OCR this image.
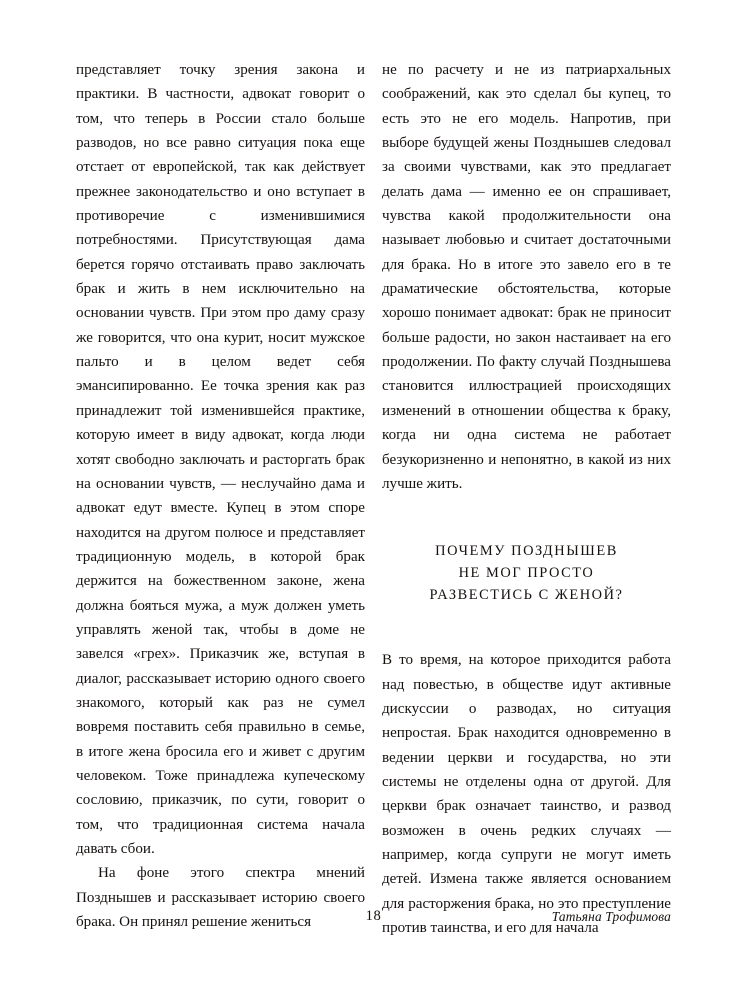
представляет точку зрения закона и практики. В частности, адвокат говорит о том, что теперь в России стало больше разводов, но все равно ситуация пока еще отстает от европейской, так как действует прежнее законодательство и оно вступает в противоречие с изменившимися потребностями. Присутствующая дама берется горячо отстаивать право заключать брак и жить в нем исключительно на основании чувств. При этом про даму сразу же говорится, что она курит, носит мужское пальто и в целом ведет себя эмансипированно. Ее точка зрения как раз принадлежит той изменившейся практике, которую имеет в виду адвокат, когда люди хотят свободно заключать и расторгать брак на основании чувств, — неслучайно дама и адвокат едут вместе. Купец в этом споре находится на другом полюсе и представляет традиционную модель, в которой брак держится на божественном законе, жена должна бояться мужа, а муж должен уметь управлять женой так, чтобы в доме не завелся «грех». Приказчик же, вступая в диалог, рассказывает историю одного своего знакомого, который как раз не сумел вовремя поставить себя правильно в семье, в итоге жена бросила его и живет с другим человеком. Тоже принадлежа купеческому сословию, приказчик, по сути, говорит о том, что традиционная система начала давать сбои.

На фоне этого спектра мнений Позднышев и рассказывает историю своего брака. Он принял решение жениться

не по расчету и не из патриархальных соображений, как это сделал бы купец, то есть это не его модель. Напротив, при выборе будущей жены Позднышев следовал за своими чувствами, как это предлагает делать дама — именно ее он спрашивает, чувства какой продолжительности она называет любовью и считает достаточными для брака. Но в итоге это завело его в те драматические обстоятельства, которые хорошо понимает адвокат: брак не приносит больше радости, но закон настаивает на его продолжении. По факту случай Позднышева становится иллюстрацией происходящих изменений в отношении общества к браку, когда ни одна система не работает безукоризненно и непонятно, в какой из них лучше жить.

ПОЧЕМУ ПОЗДНЫШЕВ
НЕ МОГ ПРОСТО
РАЗВЕСТИСЬ С ЖЕНОЙ?

В то время, на которое приходится работа над повестью, в обществе идут активные дискуссии о разводах, но ситуация непростая. Брак находится одновременно в ведении церкви и государства, но эти системы не отделены одна от другой. Для церкви брак означает таинство, и развод возможен в очень редких случаях — например, когда супруги не могут иметь детей. Измена также является основанием для расторжения брака, но это преступление против таинства, и его для начала

18	Татьяна Трофимова
